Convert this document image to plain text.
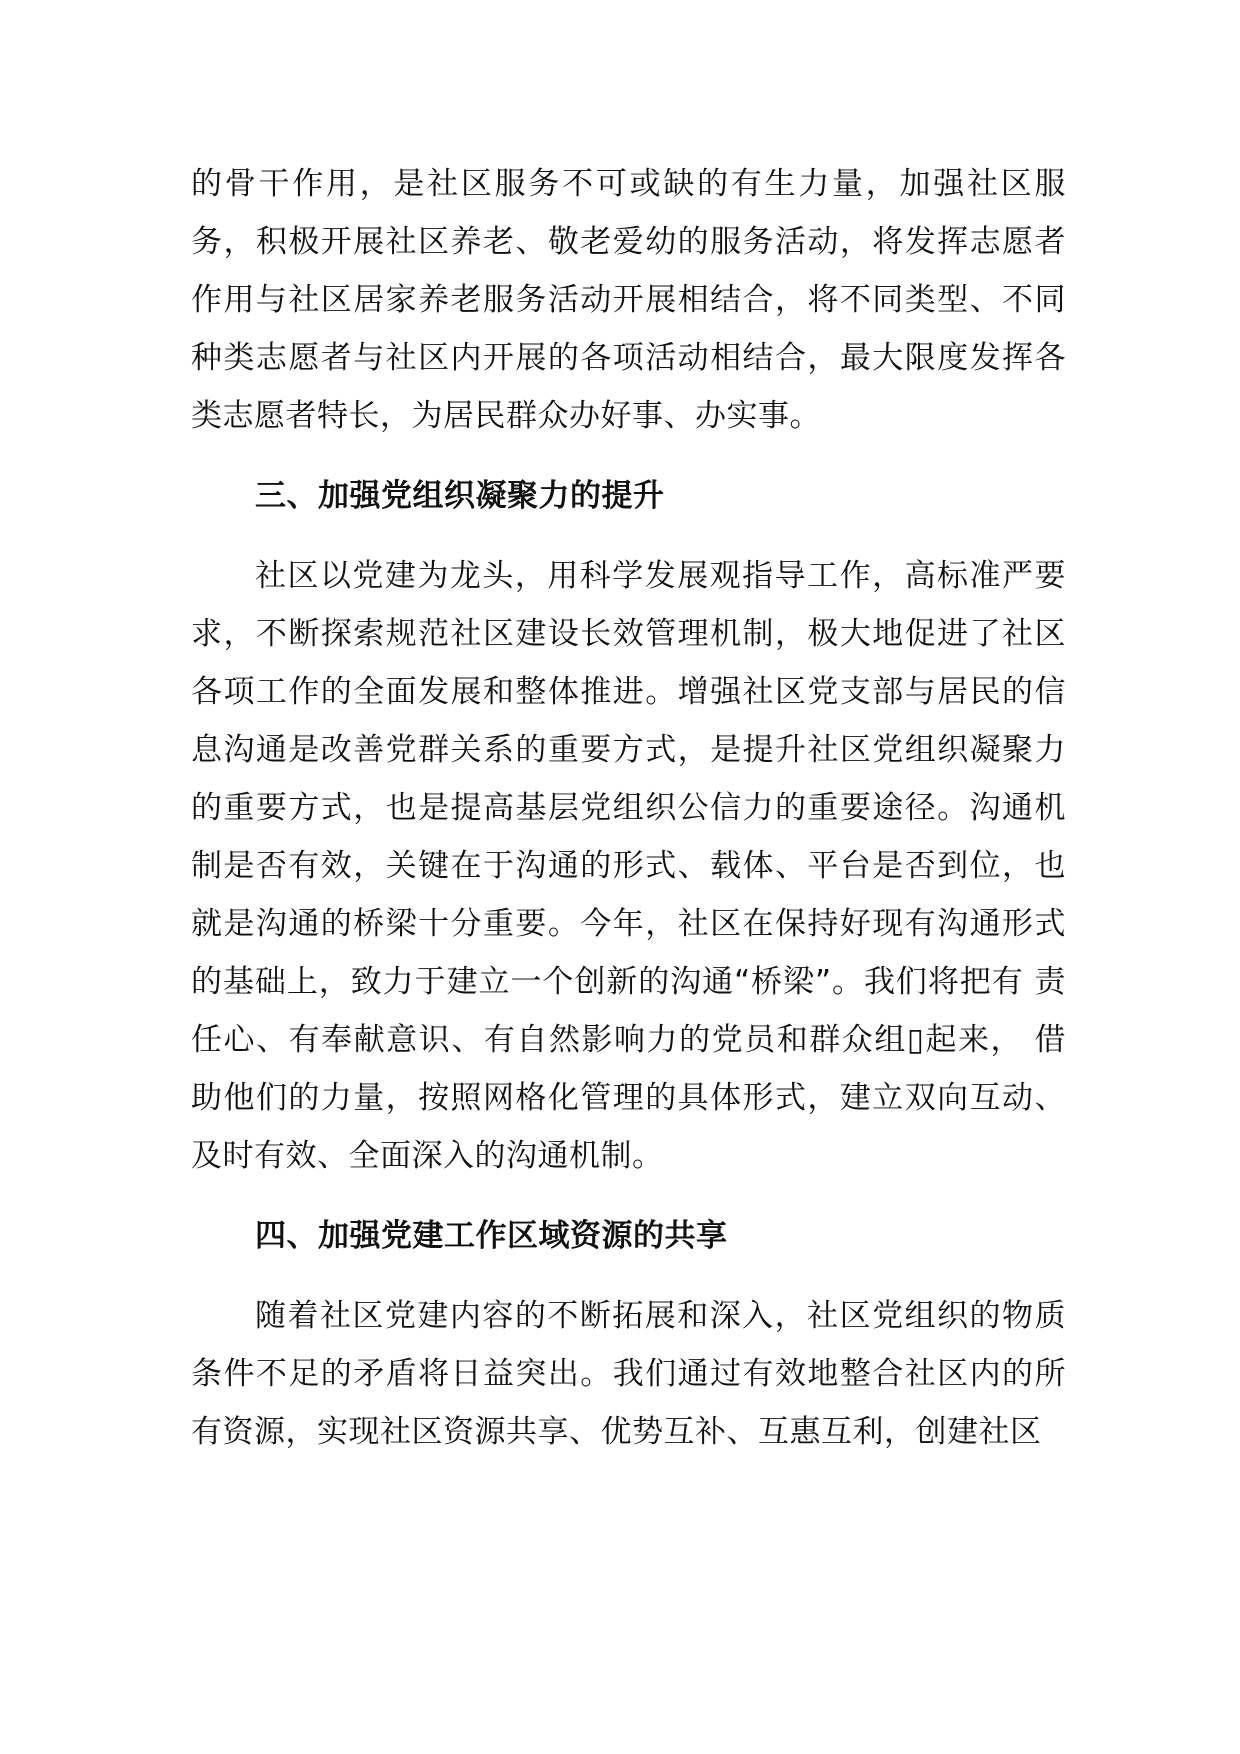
的骨干作用，是社区服务不可或缺的有生力量，加强社区服务，积极开展社区养老、敬老爱幼的服务活动，将发挥志愿者作用与社区居家养老服务活动开展相结合，将不同类型、不同种类志愿者与社区内开展的各项活动相结合，最大限度发挥各类志愿者特长，为居民群众办好事、办实事。

三、加强党组织凝聚力的提升

社区以党建为龙头，用科学发展观指导工作，高标准严要求，不断探索规范社区建设长效管理机制，极大地促进了社区各项工作的全面发展和整体推进。增强社区党支部与居民的信息沟通是改善党群关系的重要方式，是提升社区党组织凝聚力的重要方式，也是提高基层党组织公信力的重要途径。沟通机制是否有效，关键在于沟通的形式、载体、平台是否到位，也就是沟通的桥梁十分重要。今年，社区在保持好现有沟通形式的基础上，致力于建立一个创新的沟通“桥梁”。我们将把有 责任心、有奉献意识、有自然影响力的党员和群众组▯起来， 借助他们的力量，按照网格化管理的具体形式，建立双向互动、及时有效、全面深入的沟通机制。

四、加强党建工作区域资源的共享

随着社区党建内容的不断拓展和深入，社区党组织的物质条件不足的矛盾将日益突出。我们通过有效地整合社区内的所有资源，实现社区资源共享、优势互补、互惠互利，创建社区
